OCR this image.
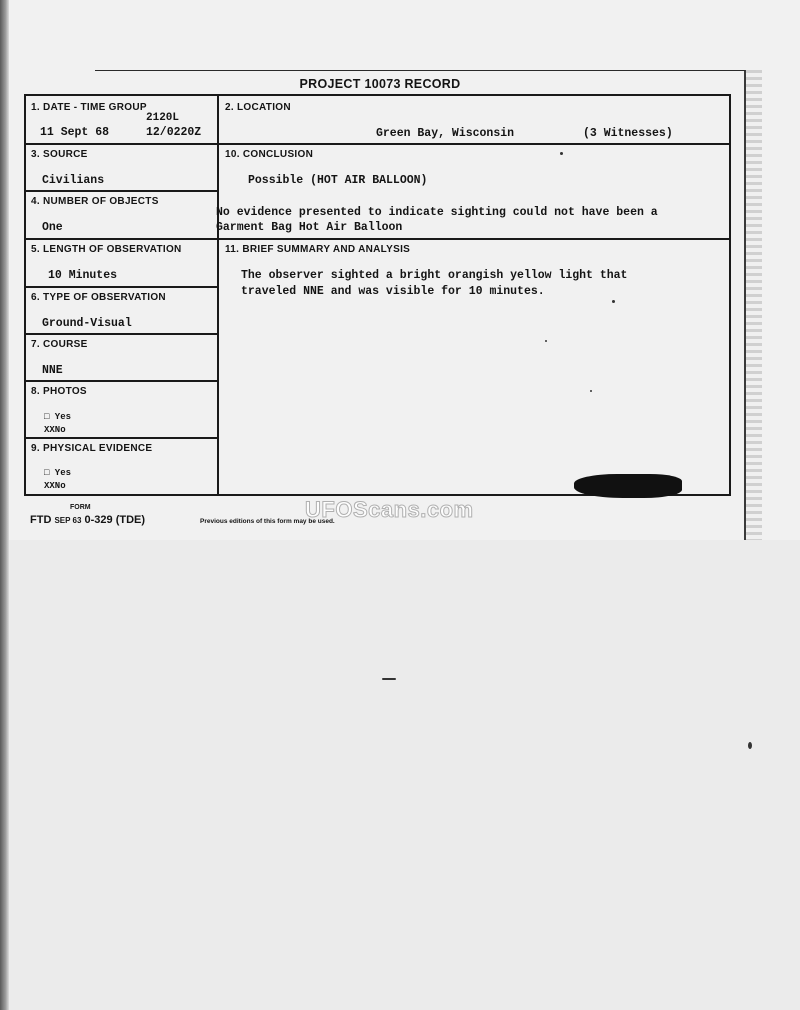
PROJECT 10073 RECORD
1. DATE - TIME GROUP
2120L
11 Sept 68	12/0220Z
2. LOCATION
Green Bay, Wisconsin	(3 Witnesses)
3. SOURCE
Civilians
10. CONCLUSION
Possible (HOT AIR BALLOON)
No evidence presented to indicate sighting could not have been a
Garment Bag Hot Air Balloon
4. NUMBER OF OBJECTS
One
5. LENGTH OF OBSERVATION
10 Minutes
11. BRIEF SUMMARY AND ANALYSIS
The observer sighted a bright orangish yellow light that
traveled NNE and was visible for 10 minutes.
6. TYPE OF OBSERVATION
Ground-Visual
7. COURSE
NNE
8. PHOTOS
□ Yes
XXNo
9. PHYSICAL EVIDENCE
□ Yes
XXNo
FORM
FTD SEP 63 0-329 (TDE)	Previous editions of this form may be used.
UFOScans.com
